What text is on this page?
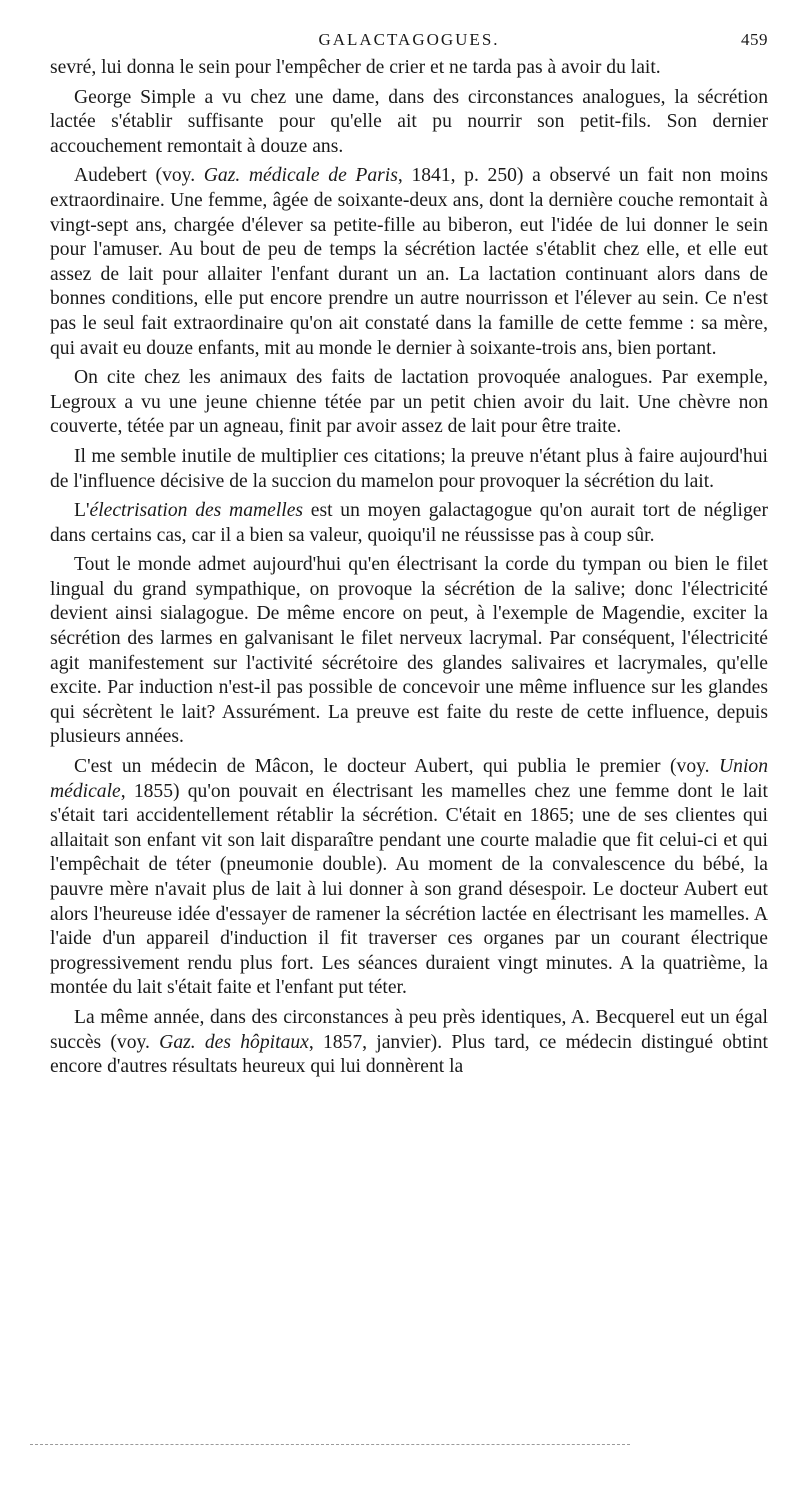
GALACTAGOGUES.	459

sevré, lui donna le sein pour l'empêcher de crier et ne tarda pas à avoir du lait.

George Simple a vu chez une dame, dans des circonstances analogues, la sécrétion lactée s'établir suffisante pour qu'elle ait pu nourrir son petit-fils. Son dernier accouchement remontait à douze ans.

Audebert (voy. Gaz. médicale de Paris, 1841, p. 250) a observé un fait non moins extraordinaire. Une femme, âgée de soixante-deux ans, dont la dernière couche remontait à vingt-sept ans, chargée d'élever sa petite-fille au biberon, eut l'idée de lui donner le sein pour l'amuser. Au bout de peu de temps la sécrétion lactée s'établit chez elle, et elle eut assez de lait pour allaiter l'enfant durant un an. La lactation continuant alors dans de bonnes conditions, elle put encore prendre un autre nourrisson et l'élever au sein. Ce n'est pas le seul fait extraordinaire qu'on ait constaté dans la famille de cette femme : sa mère, qui avait eu douze enfants, mit au monde le dernier à soixante-trois ans, bien portant.

On cite chez les animaux des faits de lactation provoquée analogues. Par exemple, Legroux a vu une jeune chienne tétée par un petit chien avoir du lait. Une chèvre non couverte, tétée par un agneau, finit par avoir assez de lait pour être traite.

Il me semble inutile de multiplier ces citations; la preuve n'étant plus à faire aujourd'hui de l'influence décisive de la succion du mamelon pour provoquer la sécrétion du lait.

L'électrisation des mamelles est un moyen galactagogue qu'on aurait tort de négliger dans certains cas, car il a bien sa valeur, quoiqu'il ne réussisse pas à coup sûr.

Tout le monde admet aujourd'hui qu'en électrisant la corde du tympan ou bien le filet lingual du grand sympathique, on provoque la sécrétion de la salive; donc l'électricité devient ainsi sialagogue. De même encore on peut, à l'exemple de Magendie, exciter la sécrétion des larmes en galvanisant le filet nerveux lacrymal. Par conséquent, l'électricité agit manifestement sur l'activité sécrétoire des glandes salivaires et lacrymales, qu'elle excite. Par induction n'est-il pas possible de concevoir une même influence sur les glandes qui sécrètent le lait? Assurément. La preuve est faite du reste de cette influence, depuis plusieurs années.

C'est un médecin de Mâcon, le docteur Aubert, qui publia le premier (voy. Union médicale, 1855) qu'on pouvait en électrisant les mamelles chez une femme dont le lait s'était tari accidentellement rétablir la sécrétion. C'était en 1865; une de ses clientes qui allaitait son enfant vit son lait disparaître pendant une courte maladie que fit celui-ci et qui l'empêchait de téter (pneumonie double). Au moment de la convalescence du bébé, la pauvre mère n'avait plus de lait à lui donner à son grand désespoir. Le docteur Aubert eut alors l'heureuse idée d'essayer de ramener la sécrétion lactée en électrisant les mamelles. A l'aide d'un appareil d'induction il fit traverser ces organes par un courant électrique progressivement rendu plus fort. Les séances duraient vingt minutes. A la quatrième, la montée du lait s'était faite et l'enfant put téter.

La même année, dans des circonstances à peu près identiques, A. Becquerel eut un égal succès (voy. Gaz. des hôpitaux, 1857, janvier). Plus tard, ce médecin distingué obtint encore d'autres résultats heureux qui lui donnèrent la
